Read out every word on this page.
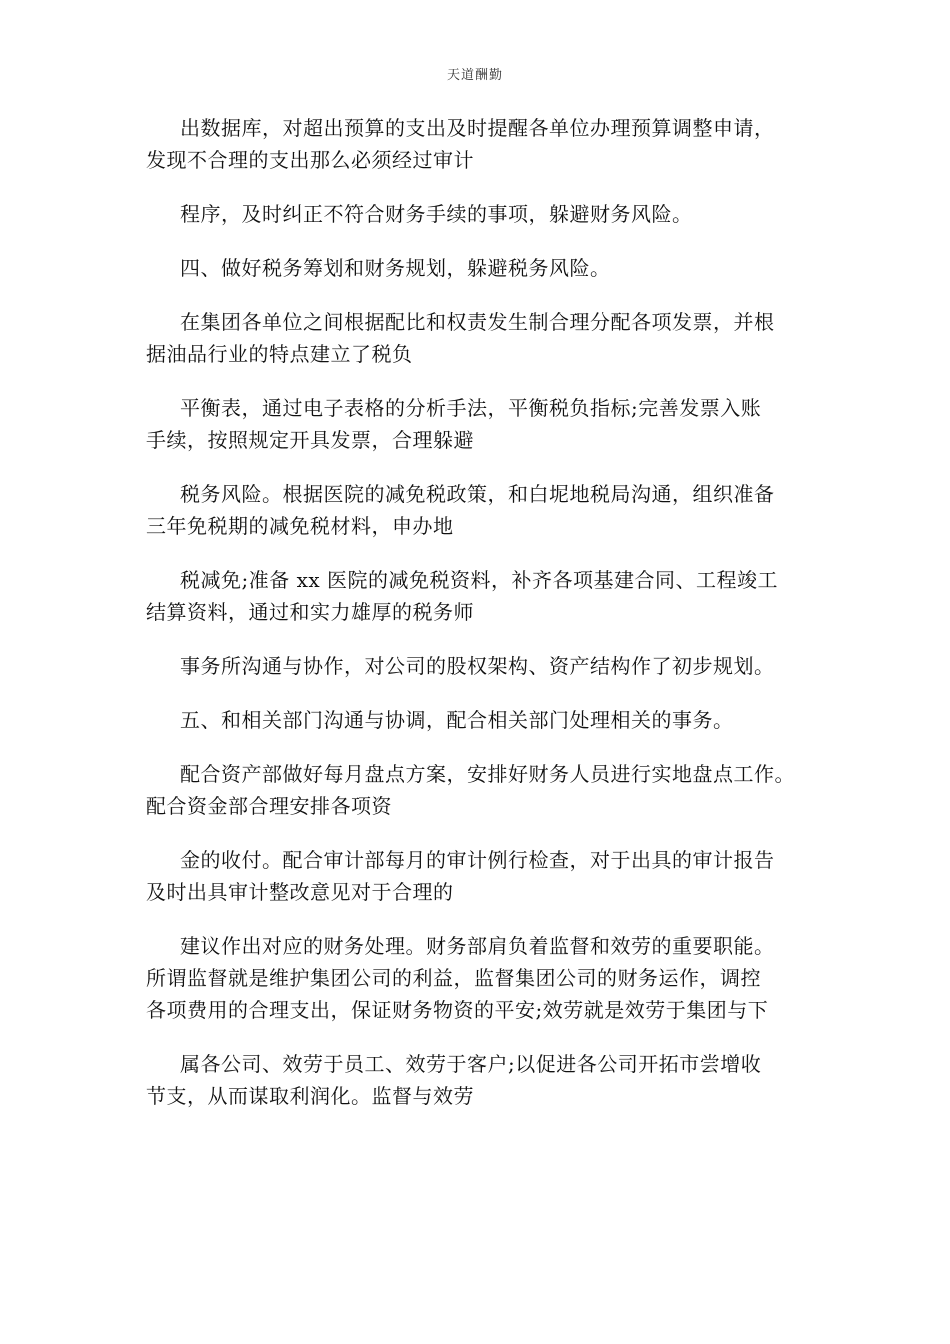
天道酬勤

出数据库，对超出预算的支出及时提醒各单位办理预算调整申请，
发现不合理的支出那么必须经过审计

程序，及时纠正不符合财务手续的事项，躲避财务风险。

四、做好税务筹划和财务规划，躲避税务风险。

在集团各单位之间根据配比和权责发生制合理分配各项发票，并根
据油品行业的特点建立了税负

平衡表，通过电子表格的分析手法，平衡税负指标;完善发票入账
手续，按照规定开具发票，合理躲避

税务风险。根据医院的减免税政策，和白坭地税局沟通，组织准备
三年免税期的减免税材料，申办地

税减免;准备 xx 医院的减免税资料，补齐各项基建合同、工程竣工
结算资料，通过和实力雄厚的税务师

事务所沟通与协作，对公司的股权架构、资产结构作了初步规划。

五、和相关部门沟通与协调，配合相关部门处理相关的事务。

配合资产部做好每月盘点方案，安排好财务人员进行实地盘点工作。
配合资金部合理安排各项资

金的收付。配合审计部每月的审计例行检查，对于出具的审计报告
及时出具审计整改意见对于合理的

建议作出对应的财务处理。财务部肩负着监督和效劳的重要职能。
所谓监督就是维护集团公司的利益，监督集团公司的财务运作，调控
各项费用的合理支出，保证财务物资的平安;效劳就是效劳于集团与下

属各公司、效劳于员工、效劳于客户;以促进各公司开拓市尝增收
节支，从而谋取利润化。监督与效劳
